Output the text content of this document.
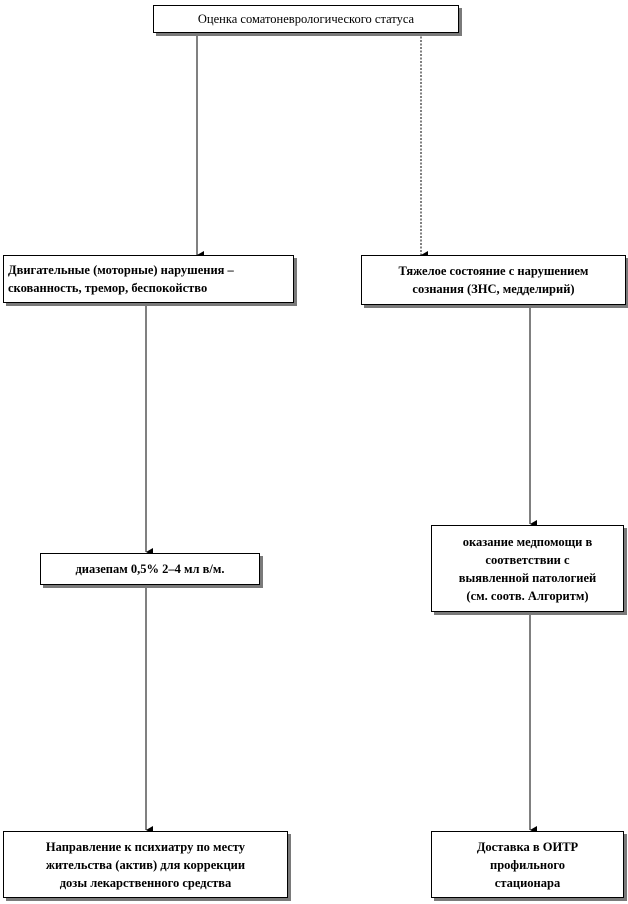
Оценка соматоневрологического статуса
Двигательные (моторные) нарушения –
скованность, тремор, беспокойство
Тяжелое состояние с нарушением
сознания (ЗНС, медделирий)
диазепам 0,5% 2–4 мл в/м.
оказание медпомощи в
соответствии с
выявленной патологией
(см. соотв. Алгоритм)
Направление к психиатру по месту
жительства (актив) для коррекции
дозы лекарственного средства
Доставка в ОИТР
профильного
стационара
